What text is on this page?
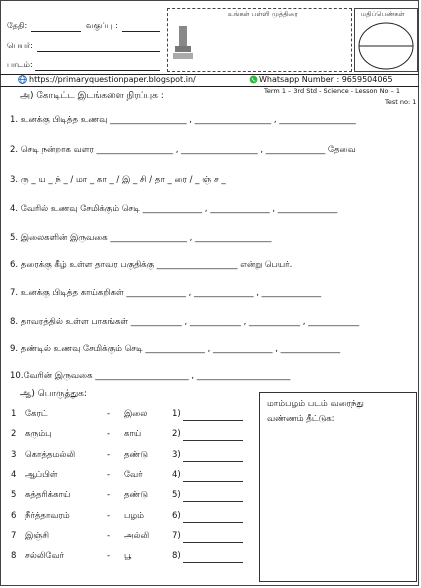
தேதி:	வகுப்பு :
பெயர்:
பாடம்:
உங்கள் பள்ளி முத்திரை	மதிப்பெண்கள்
https://primaryquestionpaper.blogspot.in/	Whatsapp Number : 9659504065
அ) கோடிட்ட இடங்களை நிரப்புக :	Term 1 – 3rd Std - Science - Lesson No – 1
Test no: 1
1. உனக்கு பிடித்த உணவு __________________ , __________________ , __________________
2. செடி நன்றாக வளர __________________ , __________________ , ______________ தேவை
3. ரு _ ய _ ந் _ / மா _ கா _ / இ _ சி / தா _ ரை / _ ஞ் ச _
4. வேரில் உணவு சேமிக்கும் செடி ______________ , ______________ , ______________
5. இலைகளின் இருவகை __________________ , __________________
6. தரைக்கு கீழ் உள்ள தாவர பகுதிக்கு ___________________ என்று பெயர்.
7. உனக்கு பிடித்த காய்கறிகள் ______________ , ______________ , ______________
8. தாவரத்தில் உள்ள பாகங்கள் ____________ , ____________ , ____________ , ____________
9. தண்டில் உணவு சேமிக்கும் செடி ______________ , ______________ , ______________
10.வேரின் இருவகை ______________________ , ______________________
ஆ) பொருத்துக:
1 கேரட்	- இலை	1)
2 கரும்பு	- காய்	2)
3 கொத்தமல்லி	- தண்டு	3)
4 ஆப்பிள்	- வேர்	4)
5 கத்தரிக்காய்	- தண்டு	5)
6 நீர்த்தாவரம்	- பழம்	6)
7 இஞ்சி	- அல்லி	7)
8 சல்லிவேர்	- பூ	8)
மாம்பழம் படம் வரைந்து
வண்ணம் தீட்டுக:
